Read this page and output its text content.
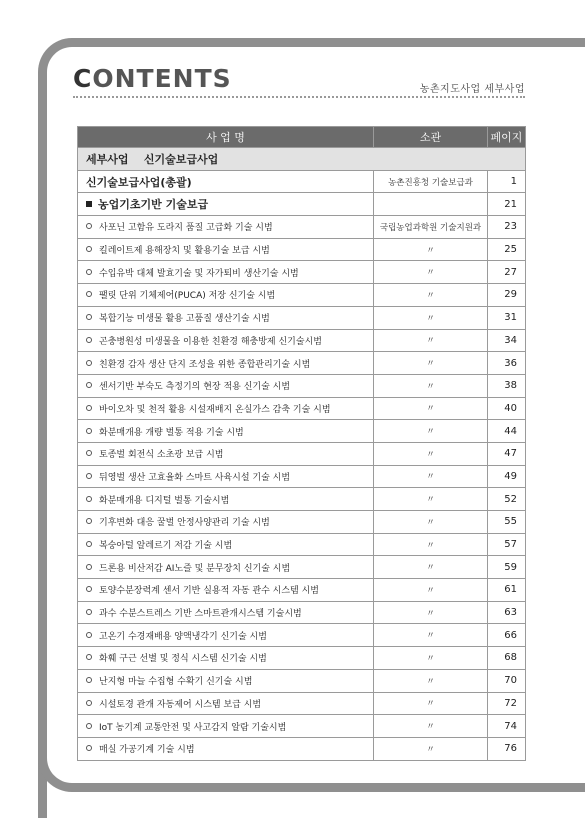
CONTENTS	농촌지도사업 세부사업
사 업 명	소관	페이지
세부사업    신기술보급사업		
신기술보급사업(총괄)	농촌진흥청 기술보급과	1
농업기초기반 기술보급		21
사포닌 고함유 도라지 품질 고급화 기술 시범	국립농업과학원 기술지원과	23
킬레이트제 용해장치 및 활용기술 보급 시범	〃	25
수입유박 대체 발효기술 및 자가퇴비 생산기술 시범	〃	27
팰릿 단위 기체제어(PUCA) 저장 신기술 시범	〃	29
복합기능 미생물 활용 고품질 생산기술 시범	〃	31
곤충병원성 미생물을 이용한 친환경 해충방제 신기술시범	〃	34
친환경 감자 생산 단지 조성을 위한 종합관리기술 시범	〃	36
센서기반 부숙도 측정기의 현장 적용 신기술 시범	〃	38
바이오차 및 천적 활용 시설재배지 온실가스 감축 기술 시범	〃	40
화분매개용 개량 벌통 적용 기술 시범	〃	44
토종벌 회전식 소초광 보급 시범	〃	47
뒤영벌 생산 고효율화 스마트 사육시설 기술 시범	〃	49
화분매개용 디지털 벌통 기술시범	〃	52
기후변화 대응 꿀벌 안정사양관리 기술 시범	〃	55
복숭아털 알레르기 저감 기술 시범	〃	57
드론용 비산저감 AI노즐 및 분무장치 신기술 시범	〃	59
토양수분장력계 센서 기반 실용적 자동 관수 시스템 시범	〃	61
과수 수분스트레스 기반 스마트관개시스템 기술시범	〃	63
고온기 수경재배용 양액냉각기 신기술 시범	〃	66
화훼 구근 선별 및 정식 시스템 신기술 시범	〃	68
난지형 마늘 수집형 수확기 신기술 시범	〃	70
시설토경 관개 자동제어 시스템 보급 시범	〃	72
IoT 농기계 교통안전 및 사고감지 알람 기술시범	〃	74
매실 가공기계 기술 시범	〃	76
